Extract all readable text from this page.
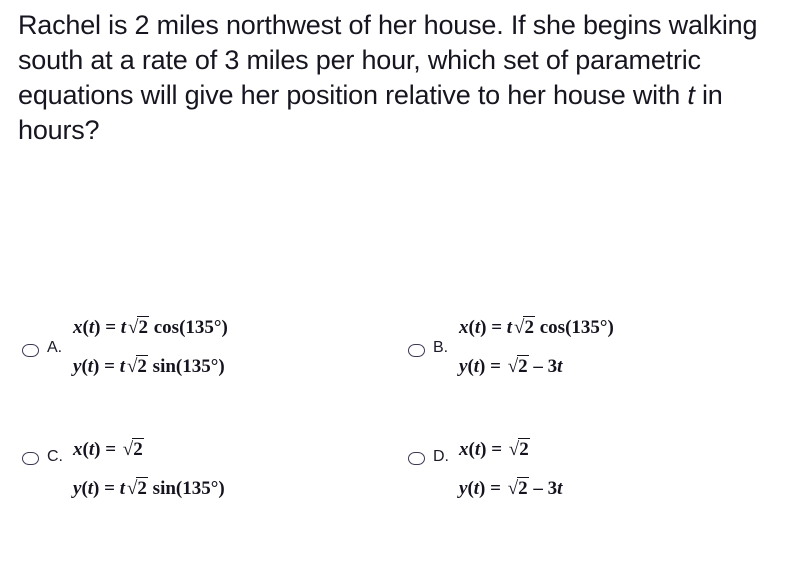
Rachel is 2 miles northwest of her house. If she begins walking south at a rate of 3 miles per hour, which set of parametric equations will give her position relative to her house with t in hours?
A.
x(t) = t √2 cos(135°)
y(t) = t √2 sin(135°)
B.
x(t) = t √2 cos(135°)
y(t) = √2 – 3t
C. x(t) = √2
y(t) = t √2 sin(135°)
D. x(t) = √2
y(t) = √2 – 3t
